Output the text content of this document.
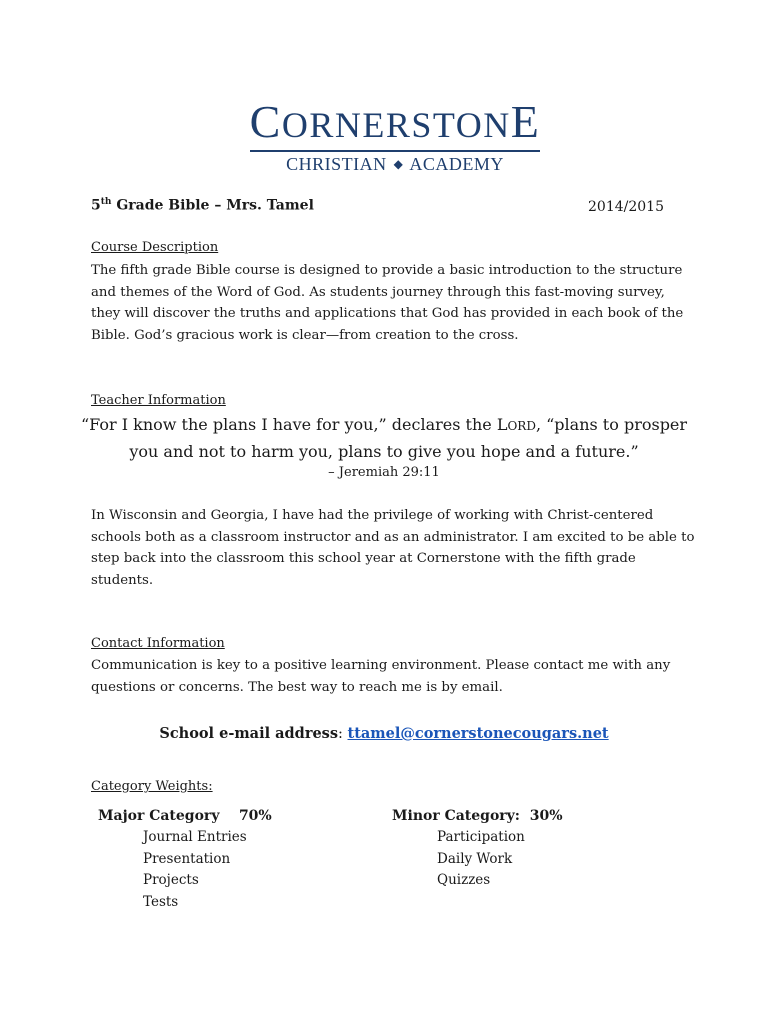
CORNERSTONE
CHRISTIAN ◆ ACADEMY
5th Grade Bible – Mrs. Tamel	2014/2015
Course Description
The fifth grade Bible course is designed to provide a basic introduction to the structure
and themes of the Word of God. As students journey through this fast-moving survey,
they will discover the truths and applications that God has provided in each book of the
Bible. God’s gracious work is clear—from creation to the cross.
Teacher Information
“For I know the plans I have for you,” declares the LORD, “plans to prosper
you and not to harm you, plans to give you hope and a future.”
– Jeremiah 29:11
In Wisconsin and Georgia, I have had the privilege of working with Christ-centered
schools both as a classroom instructor and as an administrator. I am excited to be able to
step back into the classroom this school year at Cornerstone with the fifth grade
students.
Contact Information
Communication is key to a positive learning environment. Please contact me with any
questions or concerns. The best way to reach me is by email.
School e-mail address: ttamel@cornerstonecougars.net
Category Weights:
Major Category    70%
Journal Entries
Presentation
Projects
Tests
Minor Category:  30%
Participation
Daily Work
Quizzes
